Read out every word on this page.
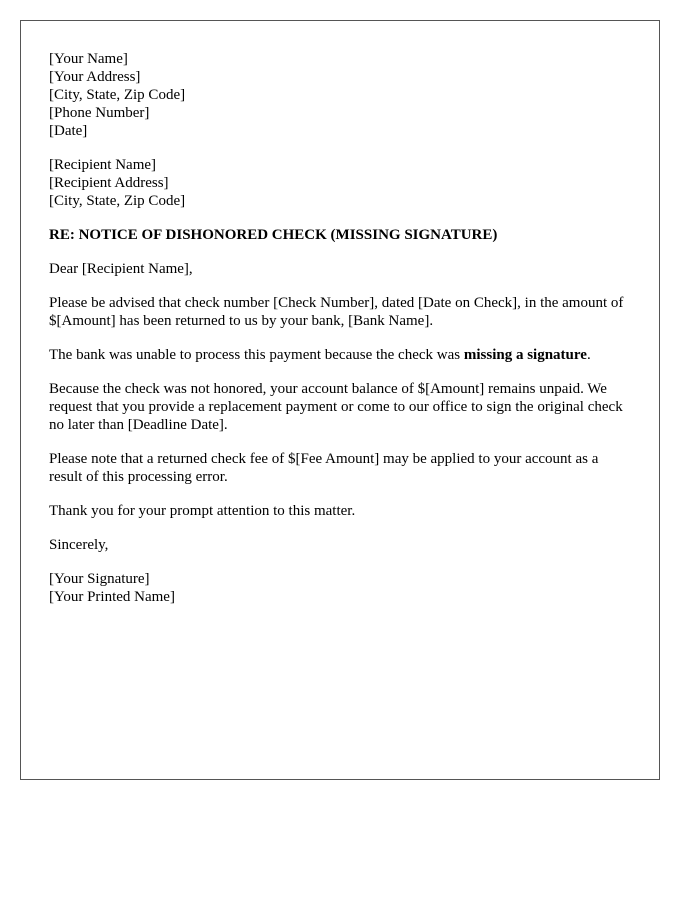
[Your Name]
[Your Address]
[City, State, Zip Code]
[Phone Number]
[Date]
[Recipient Name]
[Recipient Address]
[City, State, Zip Code]

RE: NOTICE OF DISHONORED CHECK (MISSING SIGNATURE)

Dear [Recipient Name],

Please be advised that check number [Check Number], dated [Date on Check], in the amount of $[Amount] has been returned to us by your bank, [Bank Name].

The bank was unable to process this payment because the check was missing a signature.

Because the check was not honored, your account balance of $[Amount] remains unpaid. We request that you provide a replacement payment or come to our office to sign the original check no later than [Deadline Date].

Please note that a returned check fee of $[Fee Amount] may be applied to your account as a result of this processing error.

Thank you for your prompt attention to this matter.

Sincerely,

[Your Signature]
[Your Printed Name]
